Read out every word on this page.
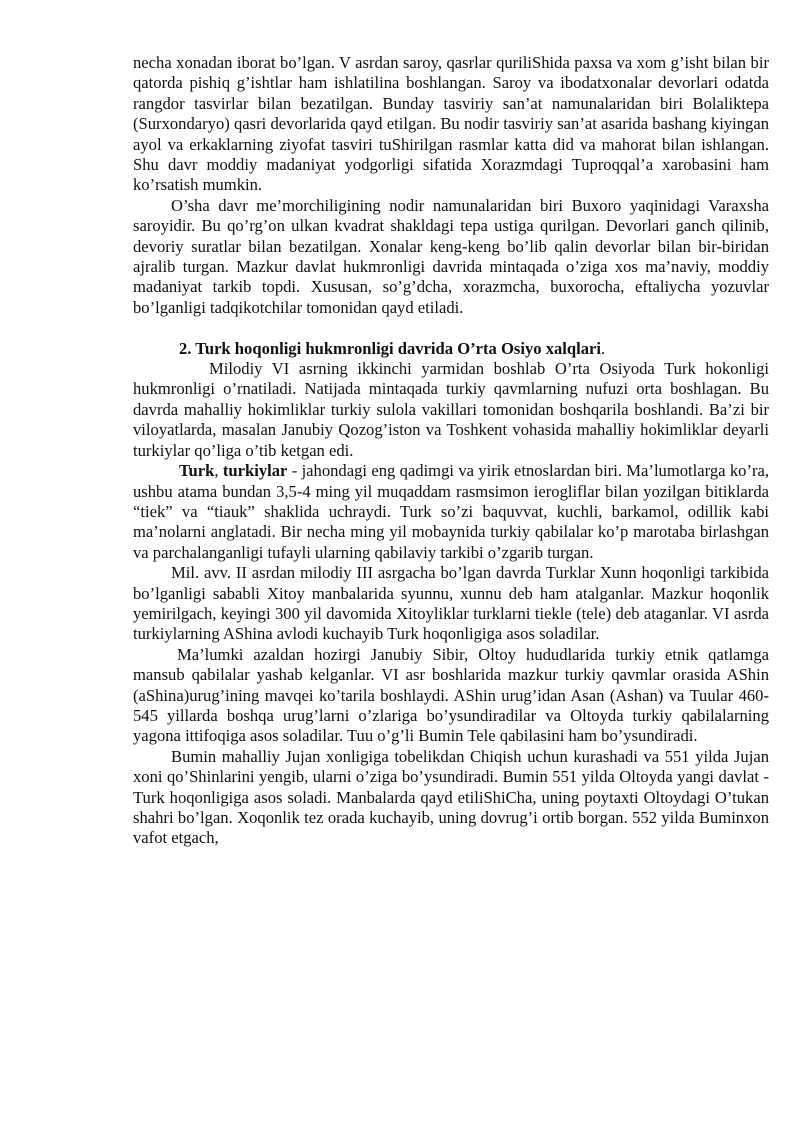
necha xonadan iborat bo’lgan. V asrdan saroy, qasrlar quriliShida paxsa va xom g’isht bilan bir qatorda pishiq g’ishtlar ham ishlatilina boshlangan. Saroy va ibodatxonalar devorlari odatda rangdor tasvirlar bilan bezatilgan. Bunday tasviriy san’at namunalaridan biri Bolaliktepa (Surxondaryo) qasri devorlarida qayd etilgan. Bu nodir tasviriy san’at asarida bashang kiyingan ayol va erkaklarning ziyofat tasviri tuShirilgan rasmlar katta did va mahorat bilan ishlangan. Shu davr moddiy madaniyat yodgorligi sifatida Xorazmdagi Tuproqqal’a xarobasini ham ko’rsatish mumkin.

O’sha davr me’morchiligining nodir namunalaridan biri Buxoro yaqinidagi Varaxsha saroyidir. Bu qo’rg’on ulkan kvadrat shakldagi tepa ustiga qurilgan. Devorlari ganch qilinib, devoriy suratlar bilan bezatilgan. Xonalar keng-keng bo’lib qalin devorlar bilan bir-biridan ajralib turgan. Mazkur davlat hukmronligi davrida mintaqada o’ziga xos ma’naviy, moddiy madaniyat tarkib topdi. Xususan, so’g’dcha, xorazmcha, buxorocha, eftaliycha yozuvlar bo’lganligi tadqikotchilar tomonidan qayd etiladi.

2. Turk hoqonligi hukmronligi davrida O’rta Osiyo xalqlari.

Milodiy VI asrning ikkinchi yarmidan boshlab O’rta Osiyoda Turk hokonligi hukmronligi o’rnatiladi. Natijada mintaqada turkiy qavmlarning nufuzi orta boshlagan. Bu davrda mahalliy hokimliklar turkiy sulola vakillari tomonidan boshqarila boshlandi. Ba’zi bir viloyatlarda, masalan Janubiy Qozog’iston va Toshkent vohasida mahalliy hokimliklar deyarli turkiylar qo’liga o’tib ketgan edi.

Turk, turkiylar - jahondagi eng qadimgi va yirik etnoslardan biri. Ma’lumotlarga ko’ra, ushbu atama bundan 3,5-4 ming yil muqaddam rasmsimon ierogliflar bilan yozilgan bitiklarda “tiek” va “tiauk” shaklida uchraydi. Turk so’zi baquvvat, kuchli, barkamol, odillik kabi ma’nolarni anglatadi. Bir necha ming yil mobaynida turkiy qabilalar ko’p marotaba birlashgan va parchalanganligi tufayli ularning qabilaviy tarkibi o’zgarib turgan.

Mil. avv. II asrdan milodiy III asrgacha bo’lgan davrda Turklar Xunn hoqonligi tarkibida bo’lganligi sababli Xitoy manbalarida syunnu, xunnu deb ham atalganlar. Mazkur hoqonlik yemirilgach, keyingi 300 yil davomida Xitoyliklar turklarni tiekle (tele) deb ataganlar. VI asrda turkiylarning AShina avlodi kuchayib Turk hoqonligiga asos soladilar.

Ma’lumki azaldan hozirgi Janubiy Sibir, Oltoy hududlarida turkiy etnik qatlamga mansub qabilalar yashab kelganlar. VI asr boshlarida mazkur turkiy qavmlar orasida AShin (aShina)urug’ining mavqei ko’tarila boshlaydi. AShin urug’idan Asan (Ashan) va Tuular 460-545 yillarda boshqa urug’larni o’zlariga bo’ysundiradilar va Oltoyda turkiy qabilalarning yagona ittifoqiga asos soladilar. Tuu o’g’li Bumin Tele qabilasini ham bo’ysundiradi.

Bumin mahalliy Jujan xonligiga tobelikdan Chiqish uchun kurashadi va 551 yilda Jujan xoni qo’Shinlarini yengib, ularni o’ziga bo’ysundiradi. Bumin 551 yilda Oltoyda yangi davlat - Turk hoqonligiga asos soladi. Manbalarda qayd etiliShiCha, uning poytaxti Oltoydagi O’tukan shahri bo’lgan. Xoqonlik tez orada kuchayib, uning dovrug’i ortib borgan. 552 yilda Buminxon vafot etgach,
